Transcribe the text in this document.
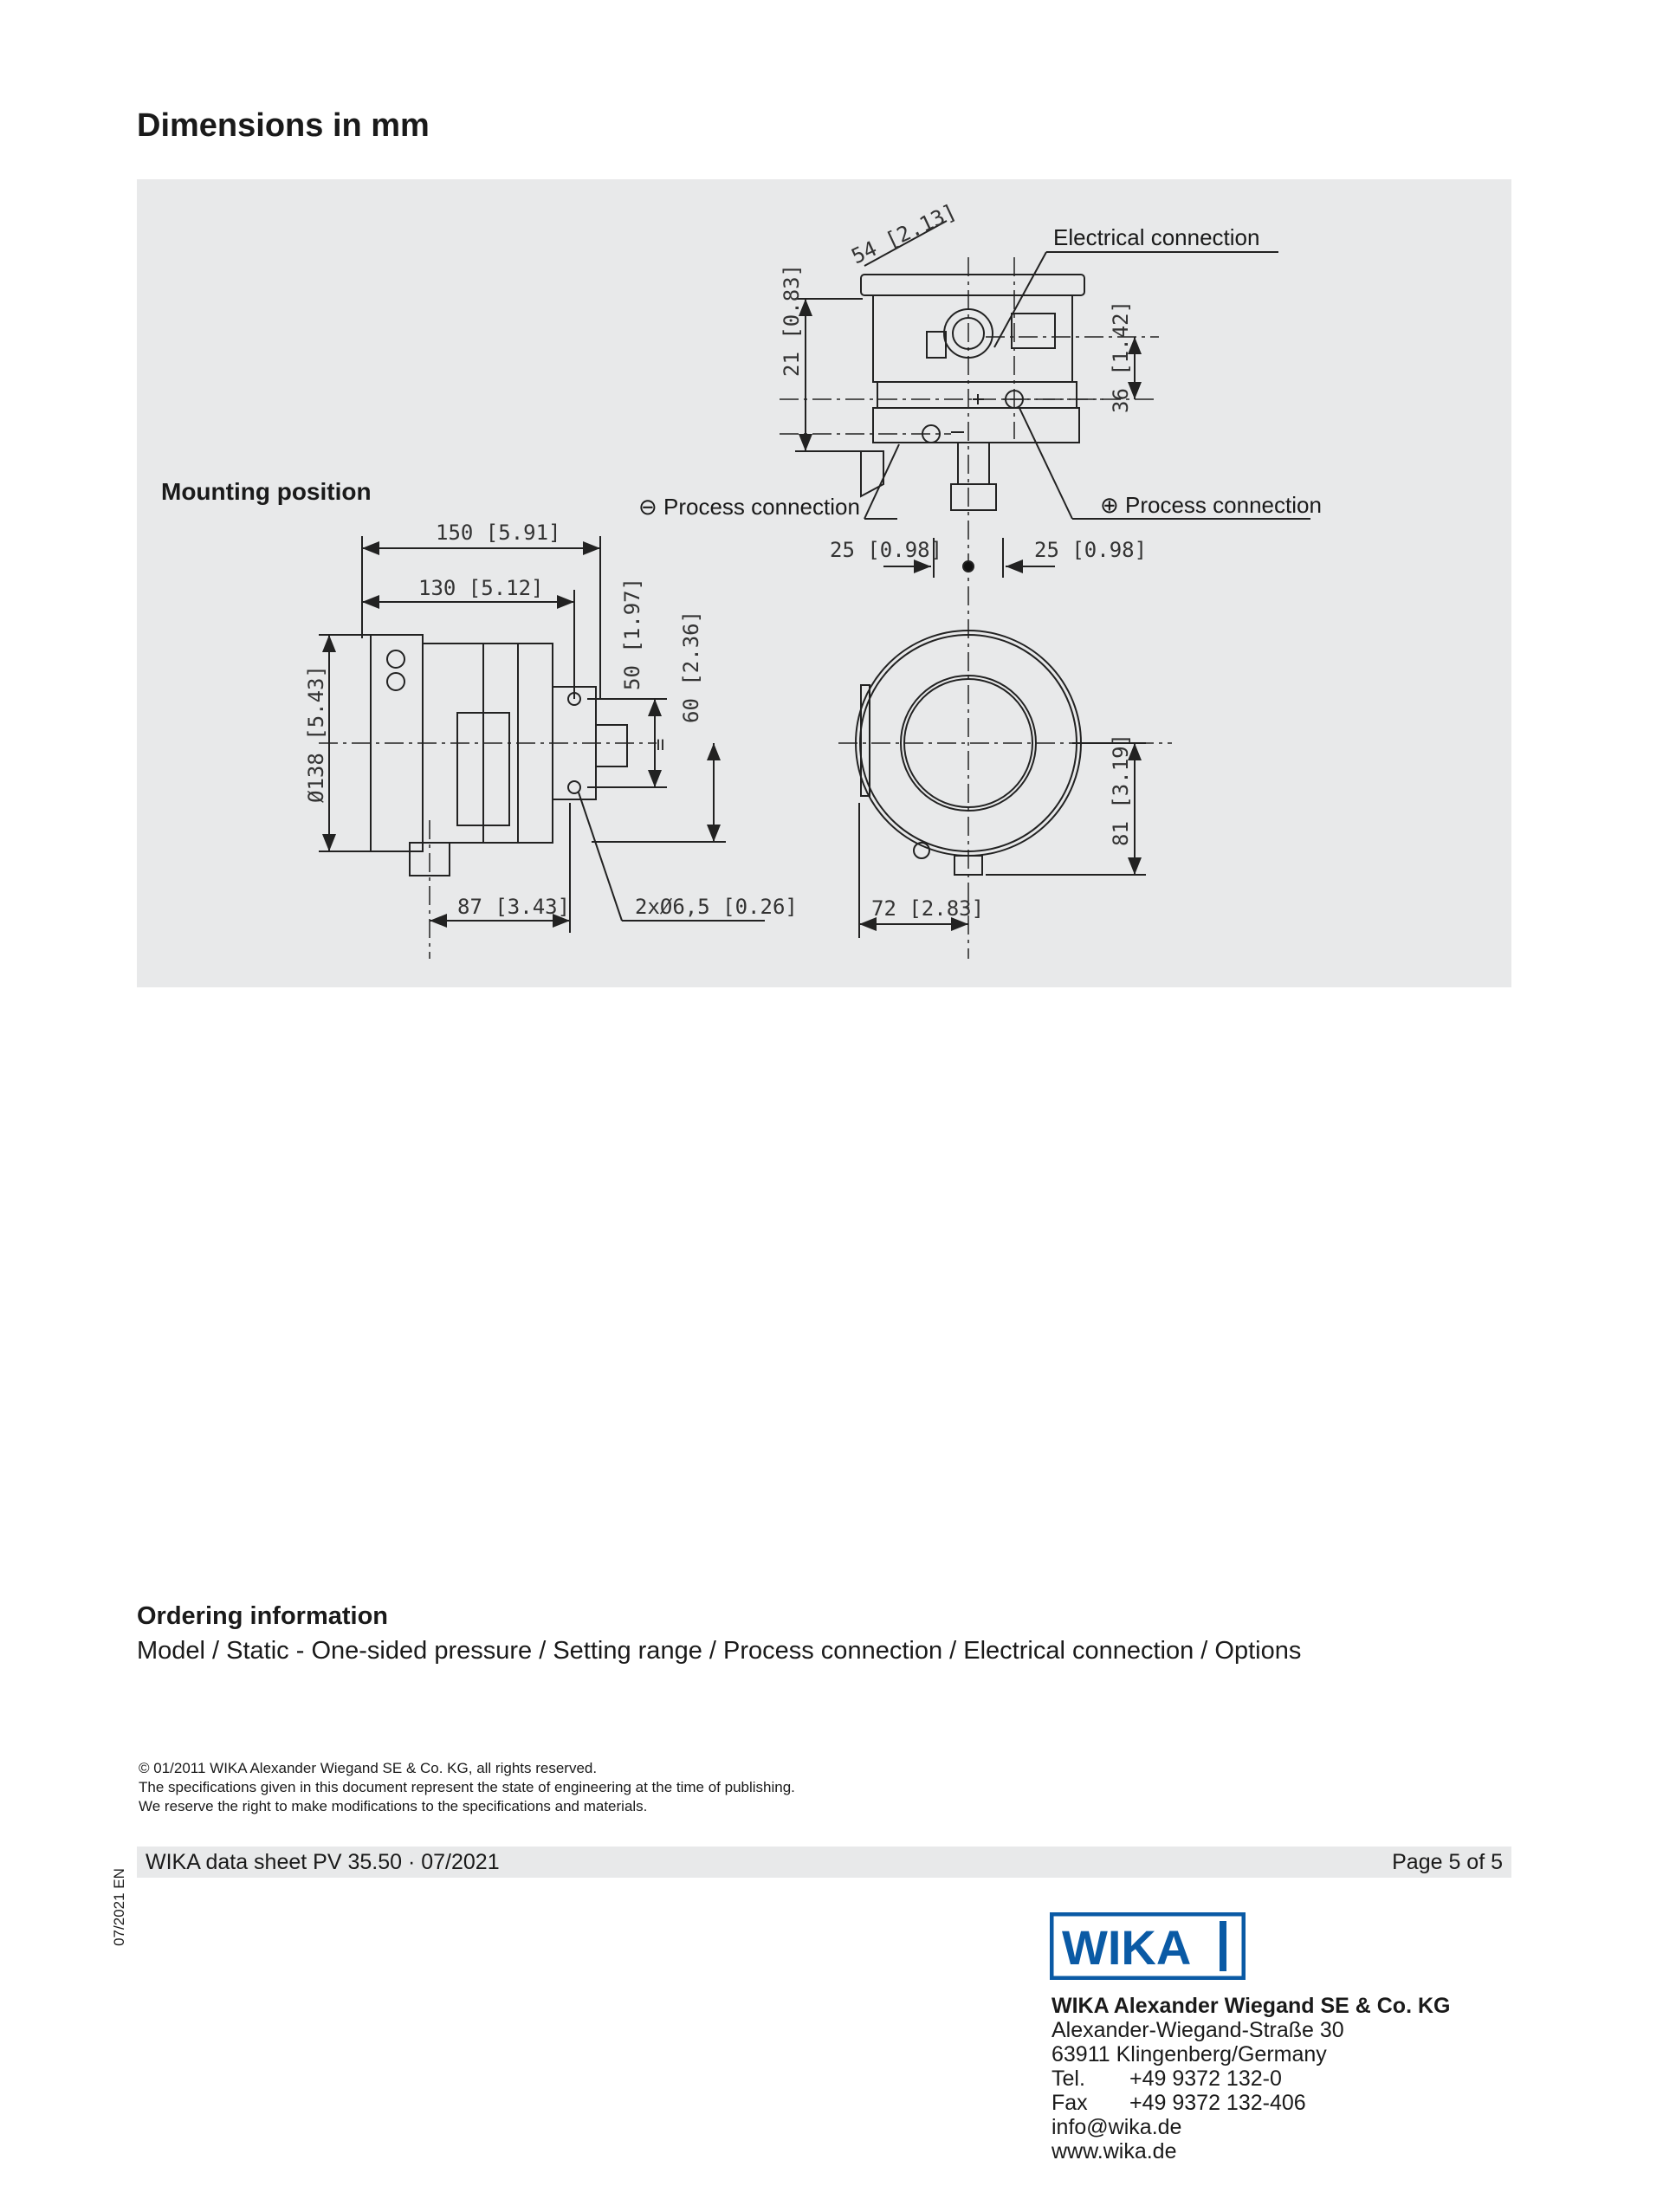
Dimensions in mm
Electrical connection
⊖ Process connection	⊕ Process connection
Mounting position
54 [2.13]
21 [0.83]	36 [1.42]
25 [0.98]	25 [0.98]
150 [5.91]
130 [5.12]	50 [1.97] 60 [2.36]
Ø138 [5.43]
87 [3.43]	2xØ6,5 [0.26]	72 [2.83]
81 [3.19]
=
Ordering information
Model / Static - One-sided pressure / Setting range / Process connection / Electrical connection / Options
© 01/2011 WIKA Alexander Wiegand SE & Co. KG, all rights reserved.
The specifications given in this document represent the state of engineering at the time of publishing.
We reserve the right to make modifications to the specifications and materials.
WIKA data sheet PV 35.50 · 07/2021	Page 5 of 5
07/2021 EN
WIKA
WIKA Alexander Wiegand SE & Co. KG
Alexander-Wiegand-Straße 30
63911 Klingenberg/Germany
Tel. +49 9372 132-0
Fax +49 9372 132-406
info@wika.de
www.wika.de
